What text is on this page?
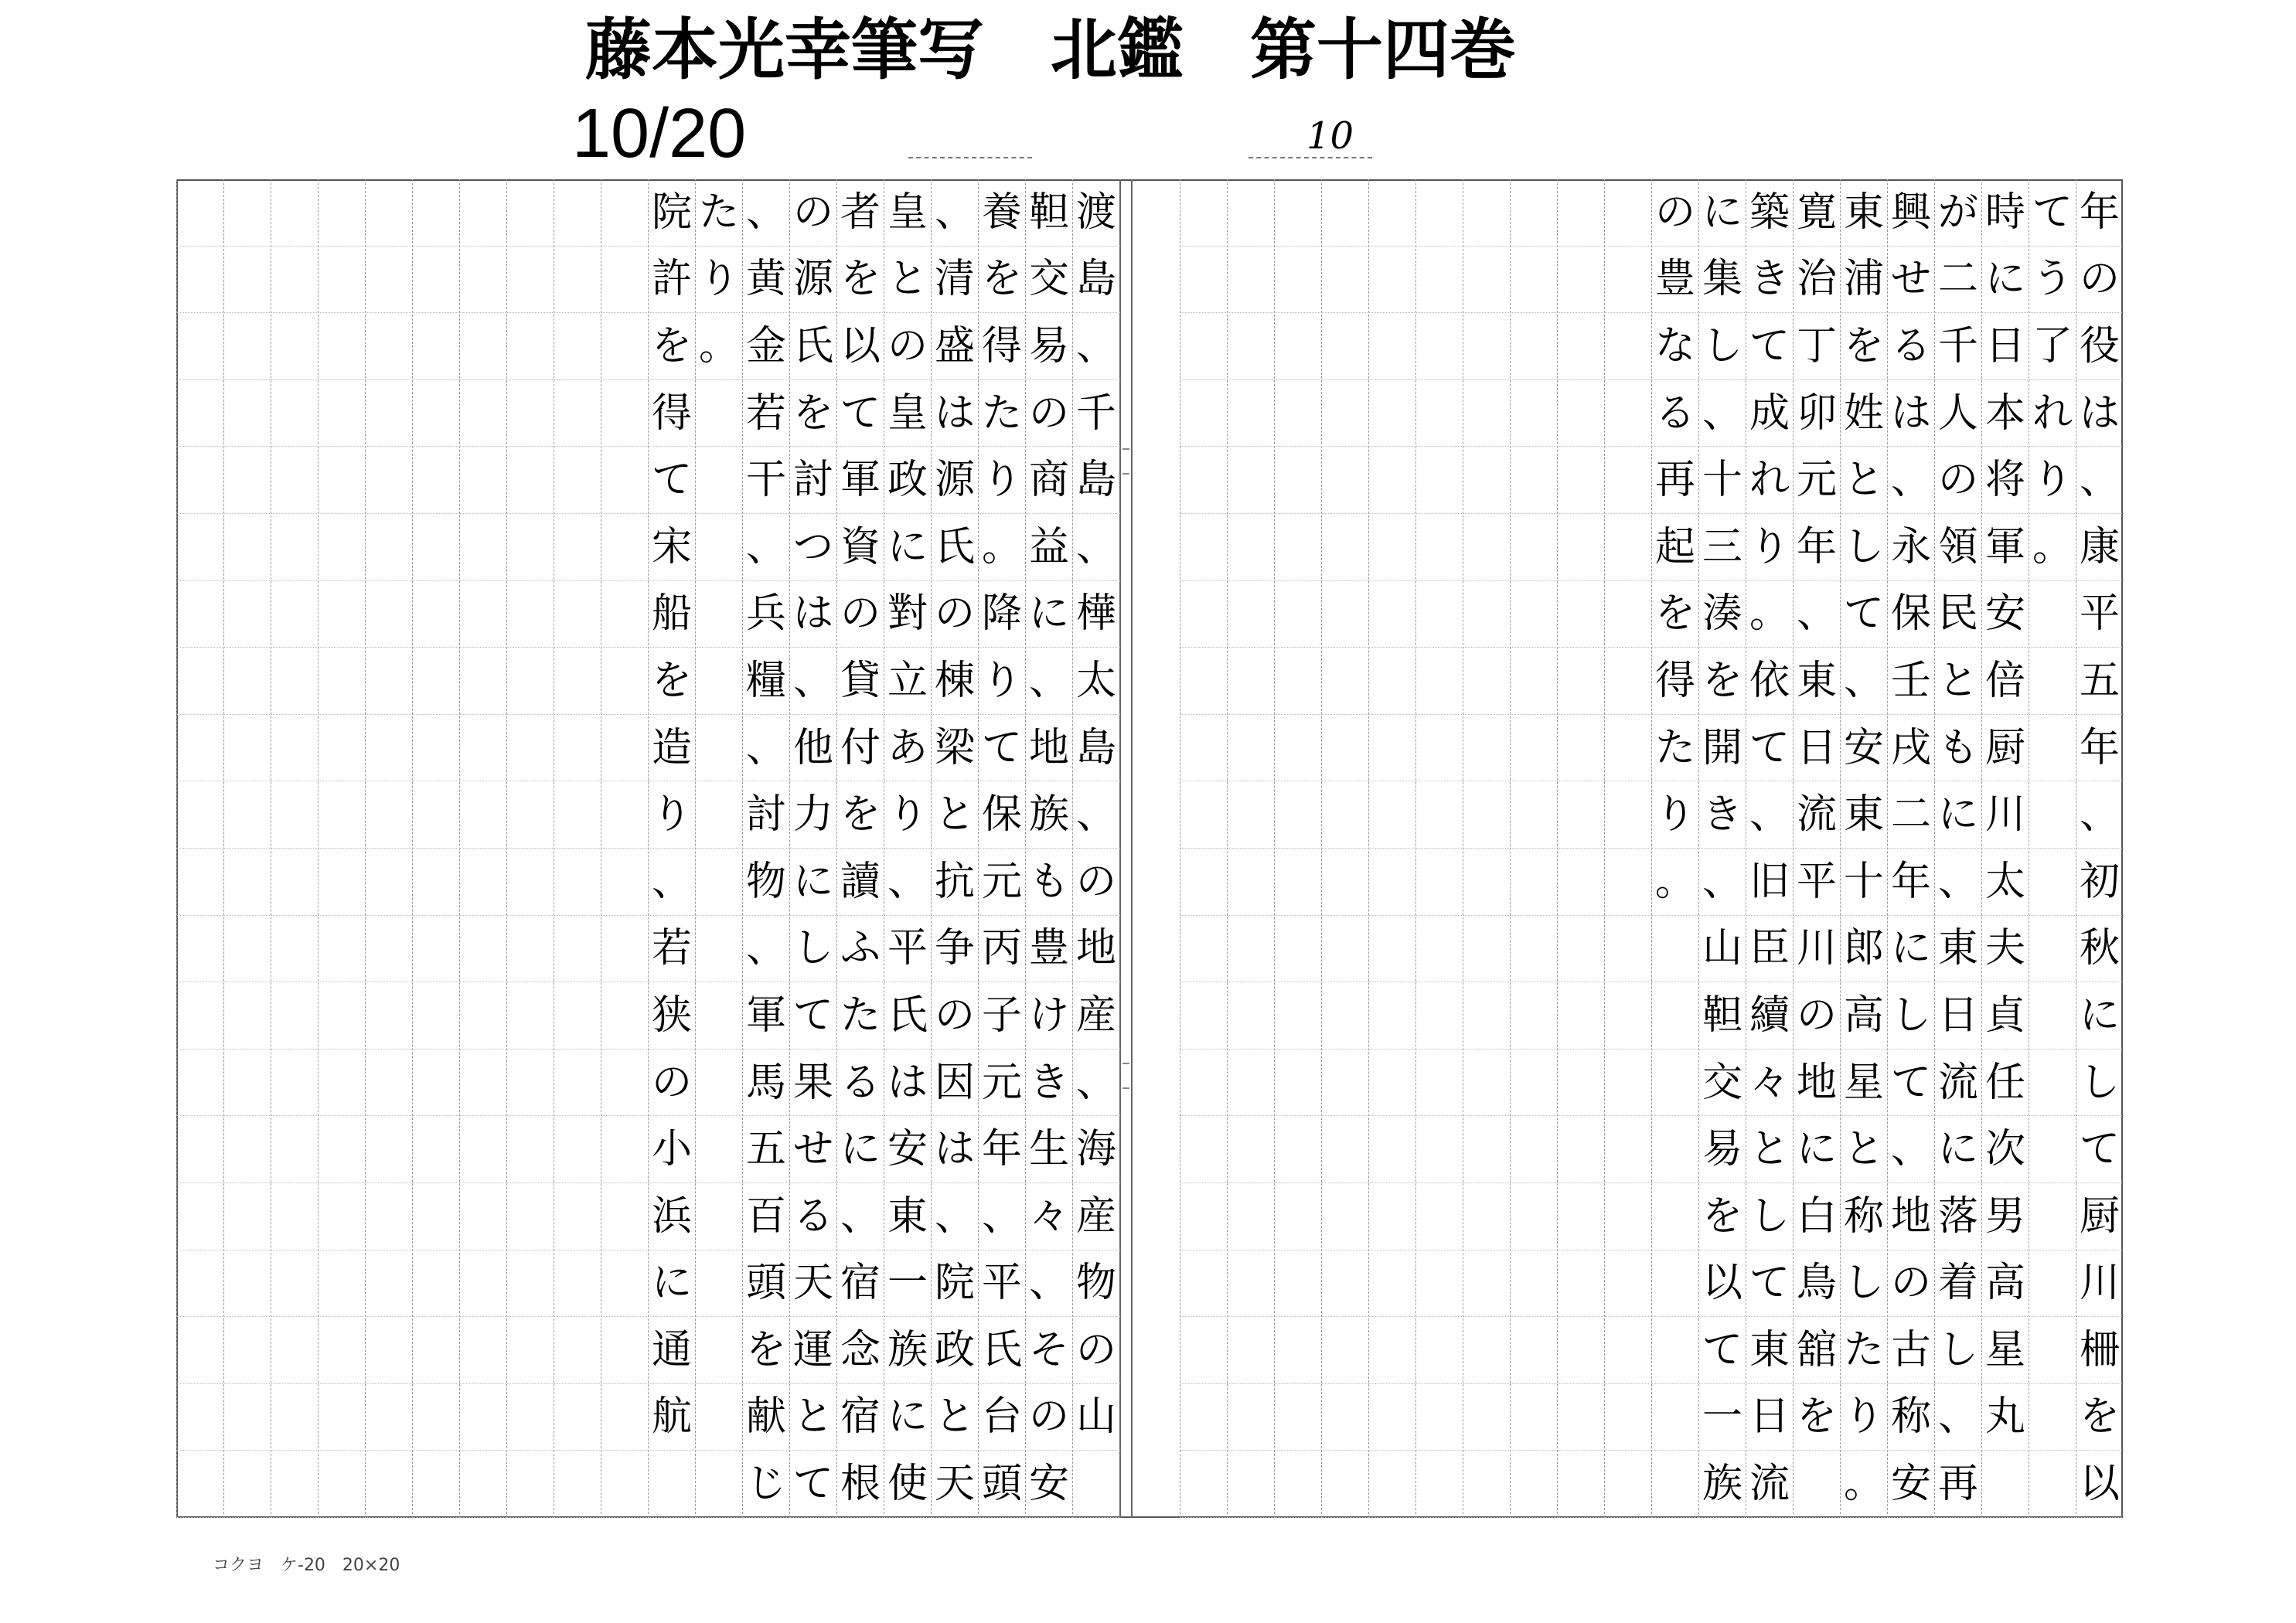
藤本光幸筆写　北鑑　第十四巻
10/20	10
年
の
役
は
、
康
平
五
年
、
初
秋
に
し
て
厨
川
柵
を
以
て
う
了
れ
り
。
時
に
日
本
将
軍
安
倍
厨
川
太
夫
貞
任
次
男
高
星
丸
が
二
千
人
の
領
民
と
も
に
、
東
日
流
に
落
着
し
、
再
興
せ
る
は
、
永
保
壬
戌
二
年
に
し
て
、
地
の
古
称
安
東
浦
を
姓
と
し
て
、
安
東
十
郎
高
星
と
称
し
た
り
。
寛
治
丁
卯
元
年
、
東
日
流
平
川
の
地
に
白
鳥
舘
を
築
き
て
成
れ
り
。
依
て
、
旧
臣
續
々
と
し
て
東
日
流
に
集
し
、
十
三
湊
を
開
き
、
山
靼
交
易
を
以
て
一
族
の
豊
な
る
再
起
を
得
た
り
。
渡
島
、
千
島
、
樺
太
島
、
の
地
産
、
海
産
物
の
山
靼
交
易
の
商
益
に
、
地
族
も
豊
け
き
生
々
、
そ
の
安
養
を
得
た
り
。
降
り
て
保
元
丙
子
元
年
、
平
氏
台
頭
、
清
盛
は
源
氏
の
棟
梁
と
抗
争
の
因
は
、
院
政
と
天
皇
と
の
皇
政
に
對
立
あ
り
、
平
氏
は
安
東
一
族
に
使
者
を
以
て
軍
資
の
貸
付
を
讀
ふ
た
る
に
、
宿
念
宿
根
の
源
氏
を
討
つ
は
、
他
力
に
し
て
果
せ
る
天
運
と
て
、
黄
金
若
干
、
兵
糧
、
討
物
、
軍
馬
五
百
頭
を
献
じ
た
り
。
院
許
を
得
て
宋
船
を
造
り
、
若
狭
の
小
浜
に
通
航
コクヨ　ケ-20　20×20
